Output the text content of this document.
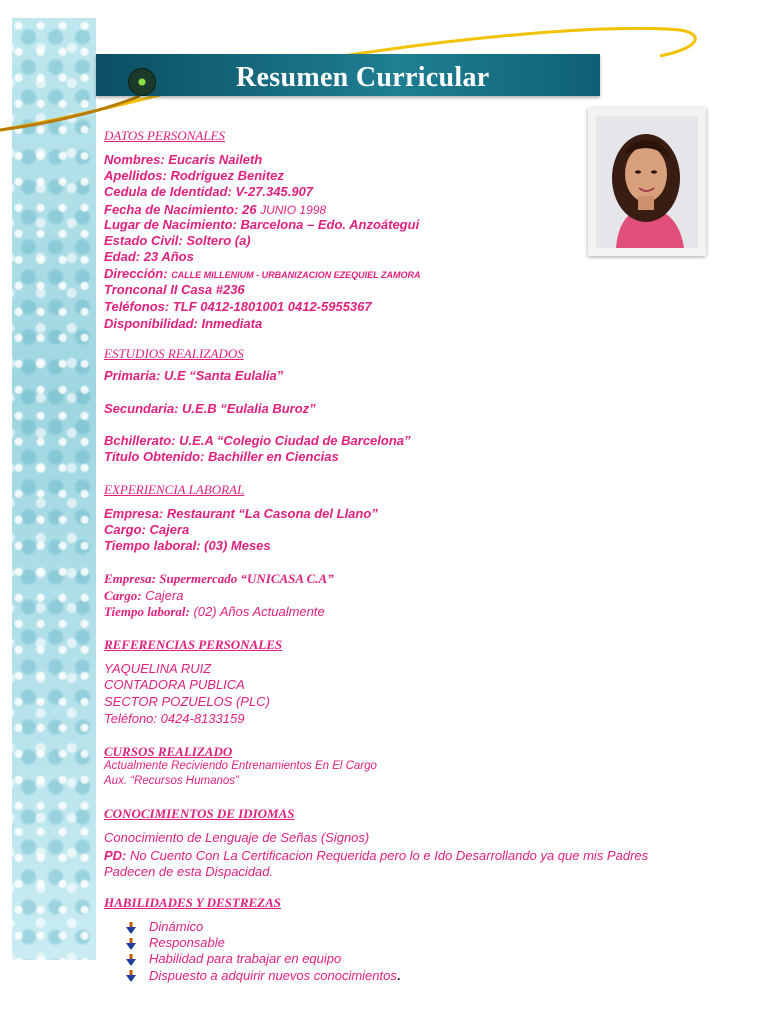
Resumen Curricular
DATOS PERSONALES
Nombres: Eucaris Naileth
Apellidos: Rodriguez Benitez
Cedula de Identidad: V-27.345.907
Fecha de Nacimiento: 26 JUNIO 1998
Lugar de Nacimiento: Barcelona – Edo. Anzoátegui
Estado Civil: Soltero (a)
Edad: 23 Años
Dirección: CALLE MILLENIUM - URBANIZACION EZEQUIEL ZAMORA
Tronconal II Casa #236
Teléfonos: TLF 0412-1801001 0412-5955367
Disponibilidad: Inmediata
ESTUDIOS REALIZADOS
Primaria: U.E “Santa Eulalia”
Secundaria: U.E.B “Eulalia Buroz”
Bchillerato: U.E.A “Colegio Ciudad de Barcelona”
Título Obtenido: Bachiller en Ciencias
EXPERIENCIA LABORAL
Empresa: Restaurant “La Casona del Llano”
Cargo: Cajera
Tiempo laboral: (03) Meses
Empresa: Supermercado “UNICASA C.A”
Cargo: Cajera
Tiempo laboral: (02) Años Actualmente
REFERENCIAS PERSONALES
YAQUELINA RUIZ
CONTADORA PUBLICA
SECTOR POZUELOS (PLC)
Teléfono: 0424-8133159
CURSOS REALIZADO
Actualmente Reciviendo Entrenamientos En El Cargo
Aux. “Recursos Humanos”
CONOCIMIENTOS DE IDIOMAS
Conocimiento de Lenguaje de Señas (Signos)
PD: No Cuento Con La Certificacion Requerida pero lo e Ido Desarrollando ya que mis Padres
Padecen de esta Dispacidad.
HABILIDADES Y DESTREZAS
Dinámico
Responsable
Habilidad para trabajar en equipo
Dispuesto a adquirir nuevos conocimientos.
